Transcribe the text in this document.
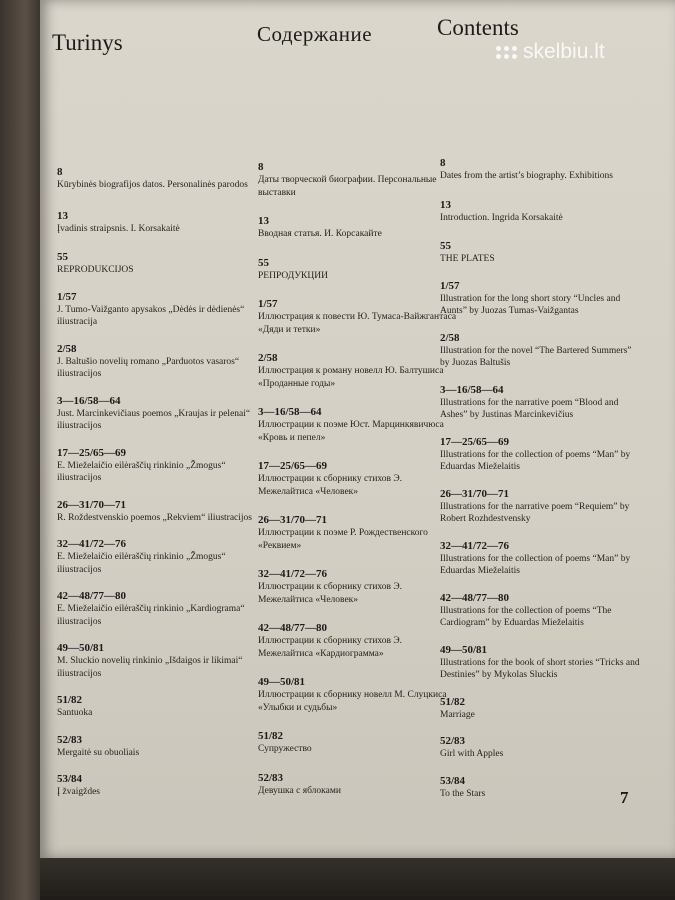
Turinys	Содержание	Contents
skelbiu.lt
8
Kūrybinės biografijos datos. Personalinės parodos
13
Įvadinis straipsnis. I. Korsakaitė
55
REPRODUKCIJOS
1/57
J. Tumo-Vaižganto apysakos „Dėdės ir dėdienės“ iliustracija
2/58
J. Baltušio novelių romano „Parduotos vasaros“ iliustracijos
3—16/58—64
Just. Marcinkevičiaus poemos „Kraujas ir pelenai“ iliustracijos
17—25/65—69
E. Mieželaičio eilėraščių rinkinio „Žmogus“ iliustracijos
26—31/70—71
R. Roždestvenskio poemos „Rekviem“ iliustracijos
32—41/72—76
E. Mieželaičio eilėraščių rinkinio „Žmogus“ iliustracijos
42—48/77—80
E. Mieželaičio eilėraščių rinkinio „Kardiograma“ iliustracijos
49—50/81
M. Sluckio novelių rinkinio „Išdaigos ir likimai“ iliustracijos
51/82
Santuoka
52/83
Mergaitė su obuoliais
53/84
Į žvaigždes
8
Даты творческой биографии. Персональные выставки
13
Вводная статья. И. Корсакайте
55
РЕПРОДУКЦИИ
1/57
Иллюстрация к повести Ю. Тумаса-Вайжгантаса «Дяди и тетки»
2/58
Иллюстрация к роману новелл Ю. Балтушиса «Проданные годы»
3—16/58—64
Иллюстрации к поэме Юст. Марцинкявичюса «Кровь и пепел»
17—25/65—69
Иллюстрации к сборнику стихов Э. Межелайтиса «Человек»
26—31/70—71
Иллюстрации к поэме Р. Рождественского «Реквием»
32—41/72—76
Иллюстрации к сборнику стихов Э. Межелайтиса «Человек»
42—48/77—80
Иллюстрации к сборнику стихов Э. Межелайтиса «Кардиограмма»
49—50/81
Иллюстрации к сборнику новелл М. Слуцкиса «Улыбки и судьбы»
51/82
Супружество
52/83
Девушка с яблоками
8
Dates from the artist’s biography. Exhibitions
13
Introduction. Ingrida Korsakaitė
55
THE PLATES
1/57
Illustration for the long short story “Uncles and Aunts” by Juozas Tumas-Vaižgantas
2/58
Illustration for the novel “The Bartered Summers” by Juozas Baltušis
3—16/58—64
Illustrations for the narrative poem “Blood and Ashes” by Justinas Marcinkevičius
17—25/65—69
Illustrations for the collection of poems “Man” by Eduardas Mieželaitis
26—31/70—71
Illustrations for the narrative poem “Requiem” by Robert Rozhdestvensky
32—41/72—76
Illustrations for the collection of poems “Man” by Eduardas Mieželaitis
42—48/77—80
Illustrations for the collection of poems “The Cardiogram” by Eduardas Mieželaitis
49—50/81
Illustrations for the book of short stories “Tricks and Destinies” by Mykolas Sluckis
51/82
Marriage
52/83
Girl with Apples
53/84
To the Stars	7
